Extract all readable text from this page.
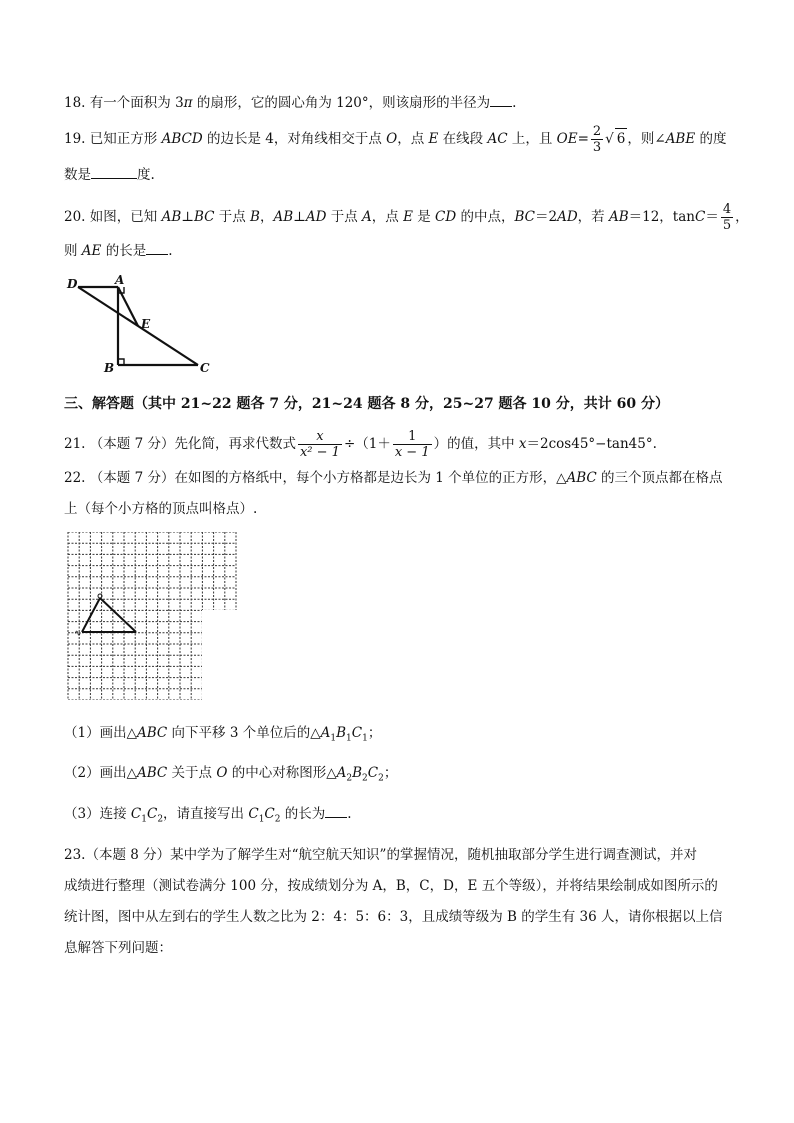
18. 有一个面积为 3π 的扇形，它的圆心角为 120°，则该扇形的半径为 .
19. 已知正方形 ABCD 的边长是 4，对角线相交于点 O，点 E 在线段 AC 上，且 $OE= \frac{2}{3}$ √ 6 ，则∠ABE 的度
数是	度.
20. 如图，已知 AB⊥BC 于点 B，AB⊥AD 于点 A，点 E 是 CD 的中点，BC＝2AD，若 AB＝12，$\tan C= \frac{4}{5}$ ，
则 AE 的长是 .
D	A
E
B	C
三、解答题（其中 21~22 题各 7 分，21~24 题各 8 分，25~27 题各 10 分，共计 60 分）
21. （本题 7 分）先化简，再求代数式 $\frac{x}{\text{x² − 1}} \div(1+ \frac{1}{x - 1}$ ）的值，其中 x＝2cos45°−tan45°.
22. （本题 7 分）在如图的方格纸中，每个小方格都是边长为 1 个单位的正方形，△ABC 的三个顶点都在格点
上（每个小方格的顶点叫格点）.
∿
（1）画出△ABC 向下平移 3 个单位后的$\triangle A_1B_1C_1$；
（2）画出△ABC 关于点 O 的中心对称图形$\triangle A_2B_2C_2$；
（3）连接 $C_1C_2$，请直接写出 $C_1C_2$ 的长为 .
23.（本题 8 分）某中学为了解学生对“航空航天知识”的掌握情况，随机抽取部分学生进行调查测试，并对
成绩进行整理（测试卷满分 100 分，按成绩划分为 A，B，C，D，E 五个等级），并将结果绘制成如图所示的
统计图，图中从左到右的学生人数之比为 2：4：5：6：3，且成绩等级为 B 的学生有 36 人，请你根据以上信
息解答下列问题：
